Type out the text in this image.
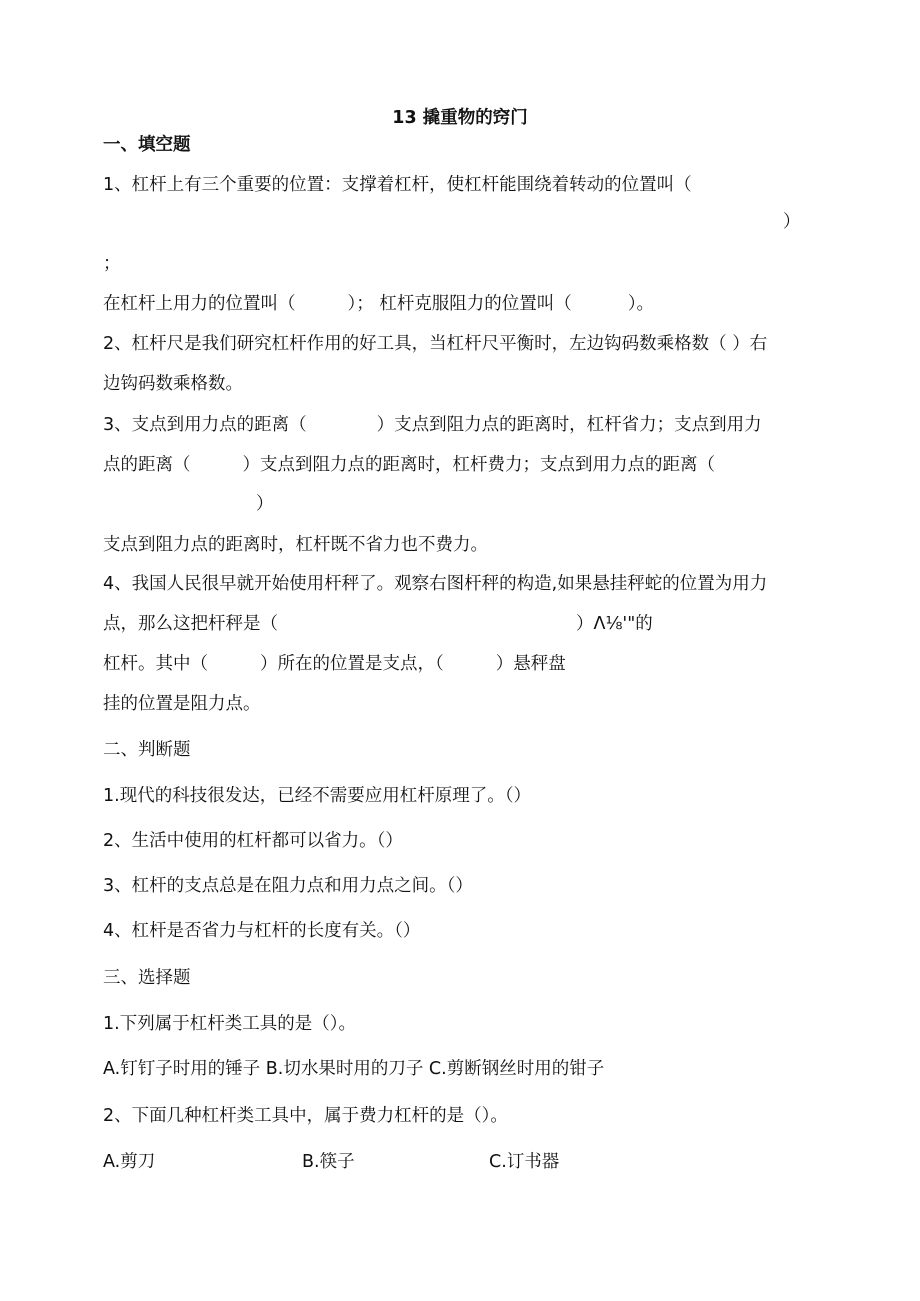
13 撬重物的窍门
一、填空题
1、杠杆上有三个重要的位置：支撑着杠杆，使杠杆能围绕着转动的位置叫（
）
；
在杠杆上用力的位置叫（	）； 杠杆克服阻力的位置叫（	）。
2、杠杆尺是我们研究杠杆作用的好工具，当杠杆尺平衡时，左边钩码数乘格数（ ）右
边钩码数乘格数。
3、支点到用力点的距离（	）支点到阻力点的距离时，杠杆省力；支点到用力
点的距离（	）支点到阻力点的距离时，杠杆费力；支点到用力点的距离（
）
支点到阻力点的距离时，杠杆既不省力也不费力。
4、我国人民很早就开始使用杆秤了。观察右图杆秤的构造,如果悬挂秤蛇的位置为用力
点，那么这把杆秤是（	）Λ⅛'"的
杠杆。其中（	）所在的位置是支点，（	）悬秤盘
挂的位置是阻力点。
二、判断题
1.现代的科技很发达，已经不需要应用杠杆原理了。（）
2、生活中使用的杠杆都可以省力。（）
3、杠杆的支点总是在阻力点和用力点之间。（）
4、杠杆是否省力与杠杆的长度有关。（）
三、选择题
1.下列属于杠杆类工具的是（）。
A.钉钉子时用的锤子 B.切水果时用的刀子 C.剪断钢丝时用的钳子
2、下面几种杠杆类工具中，属于费力杠杆的是（）。
A.剪刀	B.筷子	C.订书器
